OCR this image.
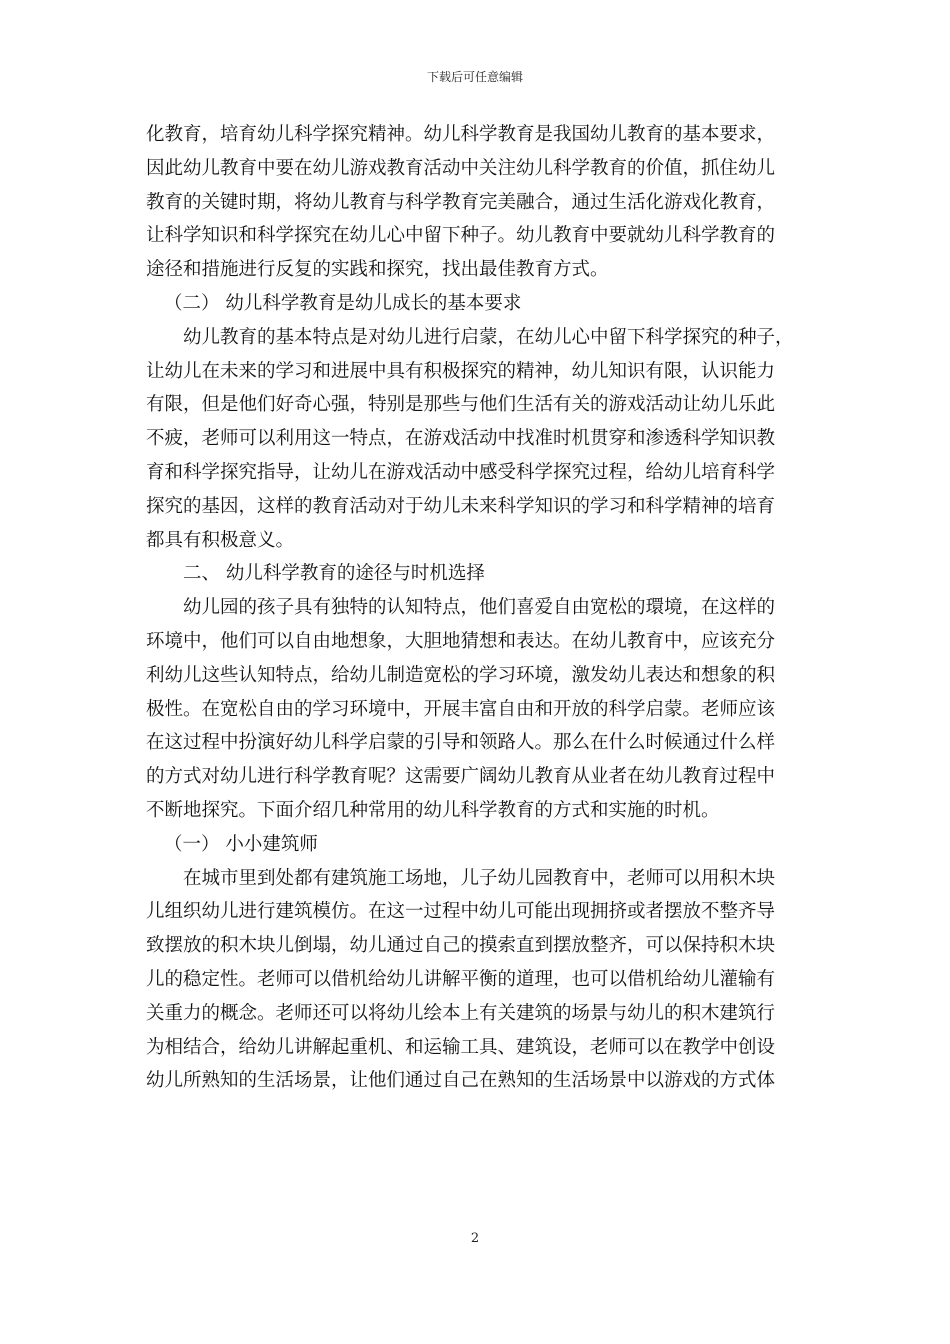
下载后可任意编辑
化教育，培育幼儿科学探究精神。幼儿科学教育是我国幼儿教育的基本要求，
因此幼儿教育中要在幼儿游戏教育活动中关注幼儿科学教育的价值，抓住幼儿
教育的关键时期，将幼儿教育与科学教育完美融合，通过生活化游戏化教育，
让科学知识和科学探究在幼儿心中留下种子。幼儿教育中要就幼儿科学教育的
途径和措施进行反复的实践和探究，找出最佳教育方式。
（二） 幼儿科学教育是幼儿成长的基本要求
幼儿教育的基本特点是对幼儿进行启蒙，在幼儿心中留下科学探究的种子，
让幼儿在未来的学习和进展中具有积极探究的精神，幼儿知识有限，认识能力
有限，但是他们好奇心强，特别是那些与他们生活有关的游戏活动让幼儿乐此
不疲，老师可以利用这一特点，在游戏活动中找准时机贯穿和渗透科学知识教
育和科学探究指导，让幼儿在游戏活动中感受科学探究过程，给幼儿培育科学
探究的基因，这样的教育活动对于幼儿未来科学知识的学习和科学精神的培育
都具有积极意义。
二、 幼儿科学教育的途径与时机选择
幼儿园的孩子具有独特的认知特点，他们喜爱自由宽松的環境，在这样的
环境中，他们可以自由地想象，大胆地猜想和表达。在幼儿教育中，应该充分
利幼儿这些认知特点，给幼儿制造宽松的学习环境，激发幼儿表达和想象的积
极性。在宽松自由的学习环境中，开展丰富自由和开放的科学启蒙。老师应该
在这过程中扮演好幼儿科学启蒙的引导和领路人。那么在什么时候通过什么样
的方式对幼儿进行科学教育呢？这需要广阔幼儿教育从业者在幼儿教育过程中
不断地探究。下面介绍几种常用的幼儿科学教育的方式和实施的时机。
（一） 小小建筑师
在城市里到处都有建筑施工场地，儿子幼儿园教育中，老师可以用积木块
儿组织幼儿进行建筑模仿。在这一过程中幼儿可能出现拥挤或者摆放不整齐导
致摆放的积木块儿倒塌，幼儿通过自己的摸索直到摆放整齐，可以保持积木块
儿的稳定性。老师可以借机给幼儿讲解平衡的道理，也可以借机给幼儿灌输有
关重力的概念。老师还可以将幼儿绘本上有关建筑的场景与幼儿的积木建筑行
为相结合，给幼儿讲解起重机、和运输工具、建筑设，老师可以在教学中创设
幼儿所熟知的生活场景，让他们通过自己在熟知的生活场景中以游戏的方式体
2
